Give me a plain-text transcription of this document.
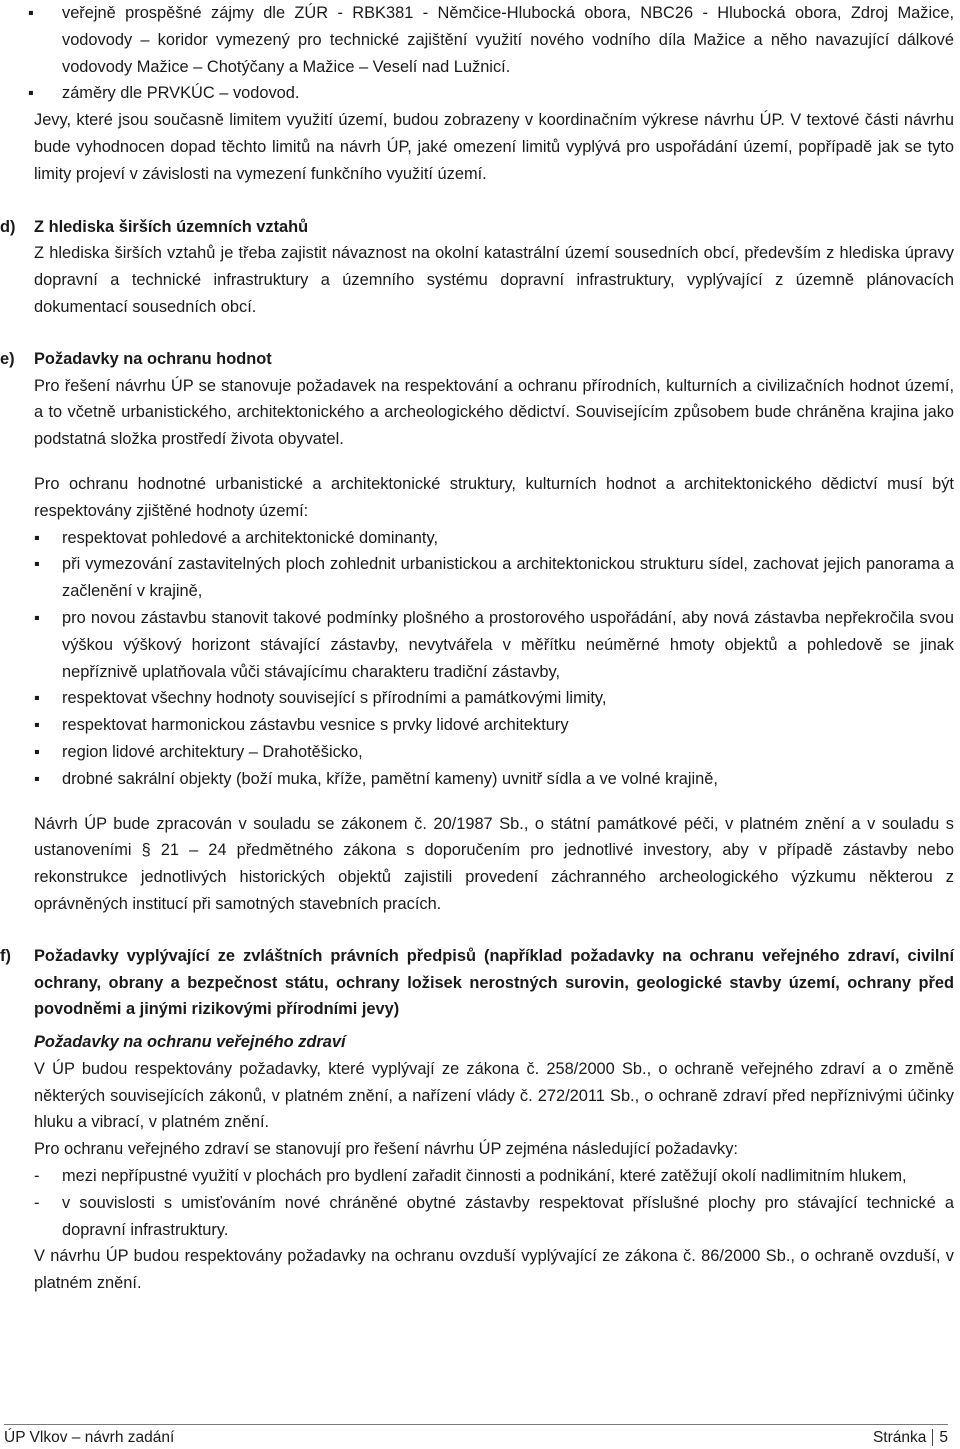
▪	veřejně prospěšné zájmy dle ZÚR - RBK381 - Němčice-Hlubocká obora, NBC26 - Hlubocká obora, Zdroj Mažice, vodovody – koridor vymezený pro technické zajištění využití nového vodního díla Mažice a něho navazující dálkové vodovody Mažice – Chotýčany a Mažice – Veselí nad Lužnicí.
▪	záměry dle PRVKÚC – vodovod.

Jevy, které jsou současně limitem využití území, budou zobrazeny v koordinačním výkrese návrhu ÚP. V textové části návrhu bude vyhodnocen dopad těchto limitů na návrh ÚP, jaké omezení limitů vyplývá pro uspořádání území, popřípadě jak se tyto limity projeví v závislosti na vymezení funkčního využití území.

d) Z hlediska širších územních vztahů

Z hlediska širších vztahů je třeba zajistit návaznost na okolní katastrální území sousedních obcí, především z hlediska úpravy dopravní a technické infrastruktury a územního systému dopravní infrastruktury, vyplývající z územně plánovacích dokumentací sousedních obcí.

e) Požadavky na ochranu hodnot

Pro řešení návrhu ÚP se stanovuje požadavek na respektování a ochranu přírodních, kulturních a civilizačních hodnot území, a to včetně urbanistického, architektonického a archeologického dědictví. Souvisejícím způsobem bude chráněna krajina jako podstatná složka prostředí života obyvatel.

Pro ochranu hodnotné urbanistické a architektonické struktury, kulturních hodnot a architektonického dědictví musí být respektovány zjištěné hodnoty území:

▪	respektovat pohledové a architektonické dominanty,
▪	při vymezování zastavitelných ploch zohlednit urbanistickou a architektonickou strukturu sídel, zachovat jejich panorama a začlenění v krajině,
▪	pro novou zástavbu stanovit takové podmínky plošného a prostorového uspořádání, aby nová zástavba nepřekročila svou výškou výškový horizont stávající zástavby, nevytvářela v měřítku neúměrné hmoty objektů a pohledově se jinak nepříznivě uplatňovala vůči stávajícímu charakteru tradiční zástavby,
▪	respektovat všechny hodnoty související s přírodními a památkovými limity,
▪	respektovat harmonickou zástavbu vesnice s prvky lidové architektury
▪	region lidové architektury – Drahotěšicko,
▪	drobné sakrální objekty (boží muka, kříže, pamětní kameny) uvnitř sídla a ve volné krajině,

Návrh ÚP bude zpracován v souladu se zákonem č. 20/1987 Sb., o státní památkové péči, v platném znění a v souladu s ustanoveními § 21 – 24 předmětného zákona s doporučením pro jednotlivé investory, aby v případě zástavby nebo rekonstrukce jednotlivých historických objektů zajistili provedení záchranného archeologického výzkumu některou z oprávněných institucí při samotných stavebních pracích.

f) Požadavky vyplývající ze zvláštních právních předpisů (například požadavky na ochranu veřejného zdraví, civilní ochrany, obrany a bezpečnost státu, ochrany ložisek nerostných surovin, geologické stavby území, ochrany před povodněmi a jinými rizikovými přírodními jevy)

Požadavky na ochranu veřejného zdraví

V ÚP budou respektovány požadavky, které vyplývají ze zákona č. 258/2000 Sb., o ochraně veřejného zdraví a o změně některých souvisejících zákonů, v platném znění, a nařízení vlády č. 272/2011 Sb., o ochraně zdraví před nepříznivými účinky hluku a vibrací, v platném znění.

Pro ochranu veřejného zdraví se stanovují pro řešení návrhu ÚP zejména následující požadavky:

-	mezi nepřípustné využití v plochách pro bydlení zařadit činnosti a podnikání, které zatěžují okolí nadlimitním hlukem,
-	v souvislosti s umisťováním nové chráněné obytné zástavby respektovat příslušné plochy pro stávající technické a dopravní infrastruktury.

V návrhu ÚP budou respektovány požadavky na ochranu ovzduší vyplývající ze zákona č. 86/2000 Sb., o ochraně ovzduší, v platném znění.

ÚP Vlkov – návrh zadání	Stránka 5
